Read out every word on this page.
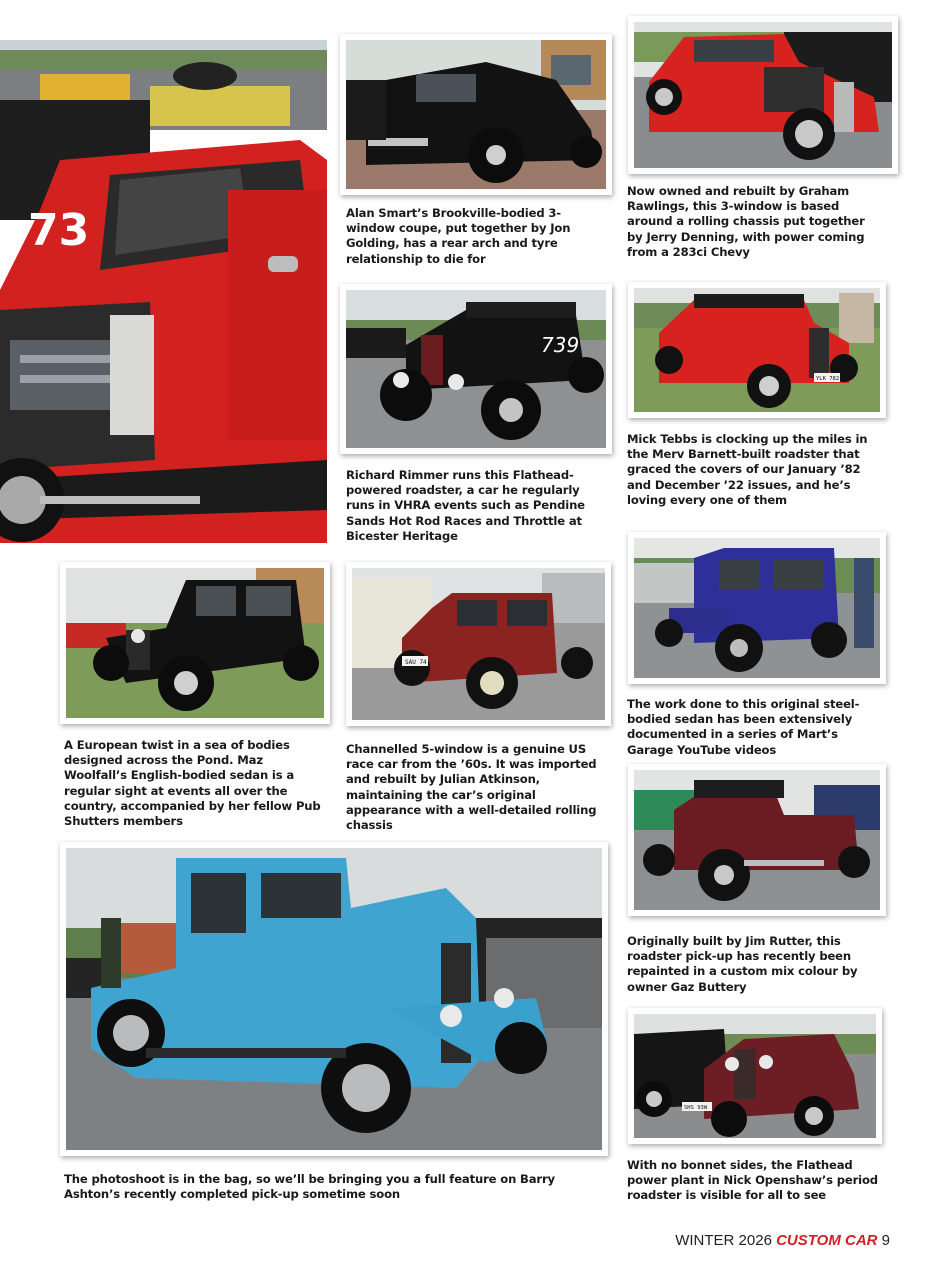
73	Alan Smart’s Brookville-bodied 3-window coupe, put together by Jon Golding, has a rear arch and tyre relationship to die for
Now owned and rebuilt by Graham Rawlings, this 3-window is based around a rolling chassis put together by Jerry Denning, with power coming from a 283ci Chevy
739
Richard Rimmer runs this Flathead-powered roadster, a car he regularly runs in VHRA events such as Pendine Sands Hot Rod Races and Throttle at Bicester Heritage
YLK 782
Mick Tebbs is clocking up the miles in the Merv Barnett-built roadster that graced the covers of our January ’82 and December ’22 issues, and he’s loving every one of them
The work done to this original steel-bodied sedan has been extensively documented in a series of Mart’s Garage YouTube videos
A European twist in a sea of bodies designed across the Pond. Maz Woolfall’s English-bodied sedan is a regular sight at events all over the country, accompanied by her fellow Pub Shutters members
SAU 74
Channelled 5-window is a genuine US race car from the ’60s. It was imported and rebuilt by Julian Atkinson, maintaining the car’s original appearance with a well-detailed rolling chassis
Originally built by Jim Rutter, this roadster pick-up has recently been repainted in a custom mix colour by owner Gaz Buttery
The photoshoot is in the bag, so we’ll be bringing you a full feature on Barry Ashton’s recently completed pick-up sometime soon
SHS 93W
With no bonnet sides, the Flathead power plant in Nick Openshaw’s period roadster is visible for all to see
WINTER 2026 CUSTOM CAR 9
